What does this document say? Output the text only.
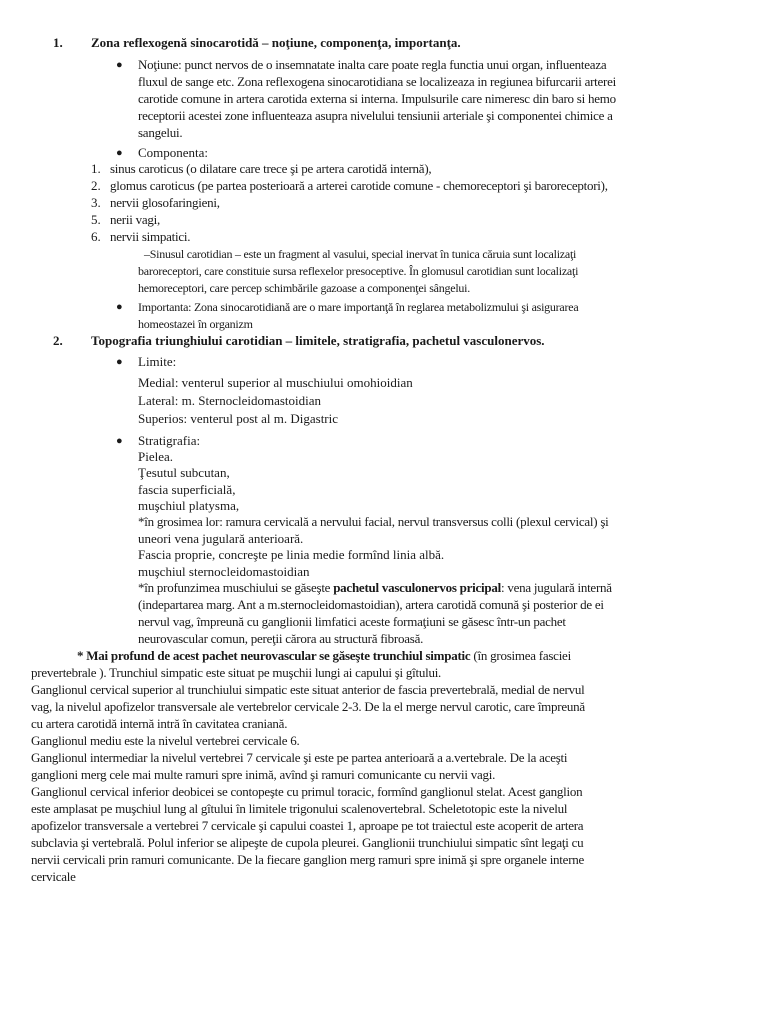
1. Zona reflexogenă sinocarotidă – noţiune, componenţa, importanţa.
● Noţiune: punct nervos de o insemnatate inalta care poate regla functia unui organ, influenteaza
fluxul de sange etc. Zona reflexogena sinocarotidiana se localizeaza in regiunea bifurcarii arterei
carotide comune in artera carotida externa si interna. Impulsurile care nimeresc din baro si hemo
receptorii acestei zone influenteaza asupra nivelului tensiunii arteriale şi componentei chimice a
sangelui.
● Componenta:
1. sinus caroticus (o dilatare care trece şi pe artera carotidă internă),
2. glomus caroticus (pe partea posterioară a arterei carotide comune - chemoreceptori şi baroreceptori),
3. nervii glosofaringieni,
5. nerii vagi,
6. nervii simpatici.
–Sinusul carotidian – este un fragment al vasului, special inervat în tunica căruia sunt localizaţi
baroreceptori, care constituie sursa reflexelor presoceptive. În glomusul carotidian sunt localizaţi
hemoreceptori, care percep schimbările gazoase a componenţei sângelui.
● Importanta: Zona sinocarotidiană are o mare importanţă în reglarea metabolizmului şi asigurarea
homeostazei în organizm
2. Topografia triunghiului carotidian – limitele, stratigrafia, pachetul vasculonervos.
● Limite:
Medial: venterul superior al muschiului omohioidian
Lateral: m. Sternocleidomastoidian
Superios: venterul post al m. Digastric
● Stratigrafia:
Pielea.
Ţesutul subcutan,
fascia superficială,
muşchiul platysma,
*în grosimea lor: ramura cervicală a nervului facial, nervul transversus colli (plexul cervical) şi
uneori vena jugulară anterioară.
Fascia proprie, concreşte pe linia medie formînd linia albă.
muşchiul sternocleidomastoidian
*în profunzimea muschiului se găseşte pachetul vasculonervos pricipal: vena jugulară internă
(indepartarea marg. Ant a m.sternocleidomastoidian), artera carotidă comună şi posterior de ei
nervul vag, împreună cu ganglionii limfatici aceste formaţiuni se găsesc într-un pachet
neurovascular comun, pereţii cărora au structură fibroasă.
* Mai profund de acest pachet neurovascular se găseşte trunchiul simpatic (în grosimea fasciei
prevertebrale ). Trunchiul simpatic este situat pe muşchii lungi ai capului şi gîtului.
Ganglionul cervical superior al trunchiului simpatic este situat anterior de fascia prevertebrală, medial de nervul
vag, la nivelul apofizelor transversale ale vertebrelor cervicale 2-3. De la el merge nervul carotic, care împreună
cu artera carotidă internă intră în cavitatea craniană.
Ganglionul mediu este la nivelul vertebrei cervicale 6.
Ganglionul intermediar la nivelul vertebrei 7 cervicale şi este pe partea anterioară a a.vertebrale. De la aceşti
ganglioni merg cele mai multe ramuri spre inimă, avînd şi ramuri comunicante cu nervii vagi.
Ganglionul cervical inferior deobicei se contopeşte cu primul toracic, formînd ganglionul stelat. Acest ganglion
este amplasat pe muşchiul lung al gîtului în limitele trigonului scalenovertebral. Scheletotopic este la nivelul
apofizelor transversale a vertebrei 7 cervicale şi capului coastei 1, aproape pe tot traiectul este acoperit de artera
subclavia şi vertebrală. Polul inferior se alipeşte de cupola pleurei. Ganglionii trunchiului simpatic sînt legaţi cu
nervii cervicali prin ramuri comunicante. De la fiecare ganglion merg ramuri spre inimă şi spre organele interne
cervicale
